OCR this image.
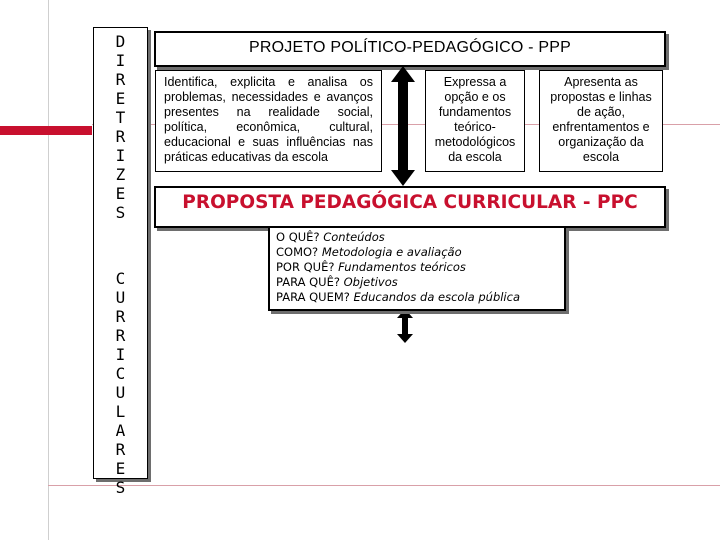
D
I
R
E
T
R
I
Z
E
S
C
U
R
R
I
C
U
L
A
R
E
S
PROJETO POLÍTICO-PEDAGÓGICO - PPP
Identifica, explicita e analisa os problemas, necessidades e avanços presentes na realidade social, política, econômica, cultural, educacional e suas influências nas práticas educativas da escola
Expressa a opção e os fundamentos teórico-metodológicos da escola
Apresenta as propostas e linhas de ação, enfrentamentos e organização da escola
PROPOSTA PEDAGÓGICA CURRICULAR - PPC
O QUÊ? Conteúdos
COMO? Metodologia e avaliação
POR QUÊ? Fundamentos teóricos
PARA QUÊ? Objetivos
PARA QUEM? Educandos da escola pública
